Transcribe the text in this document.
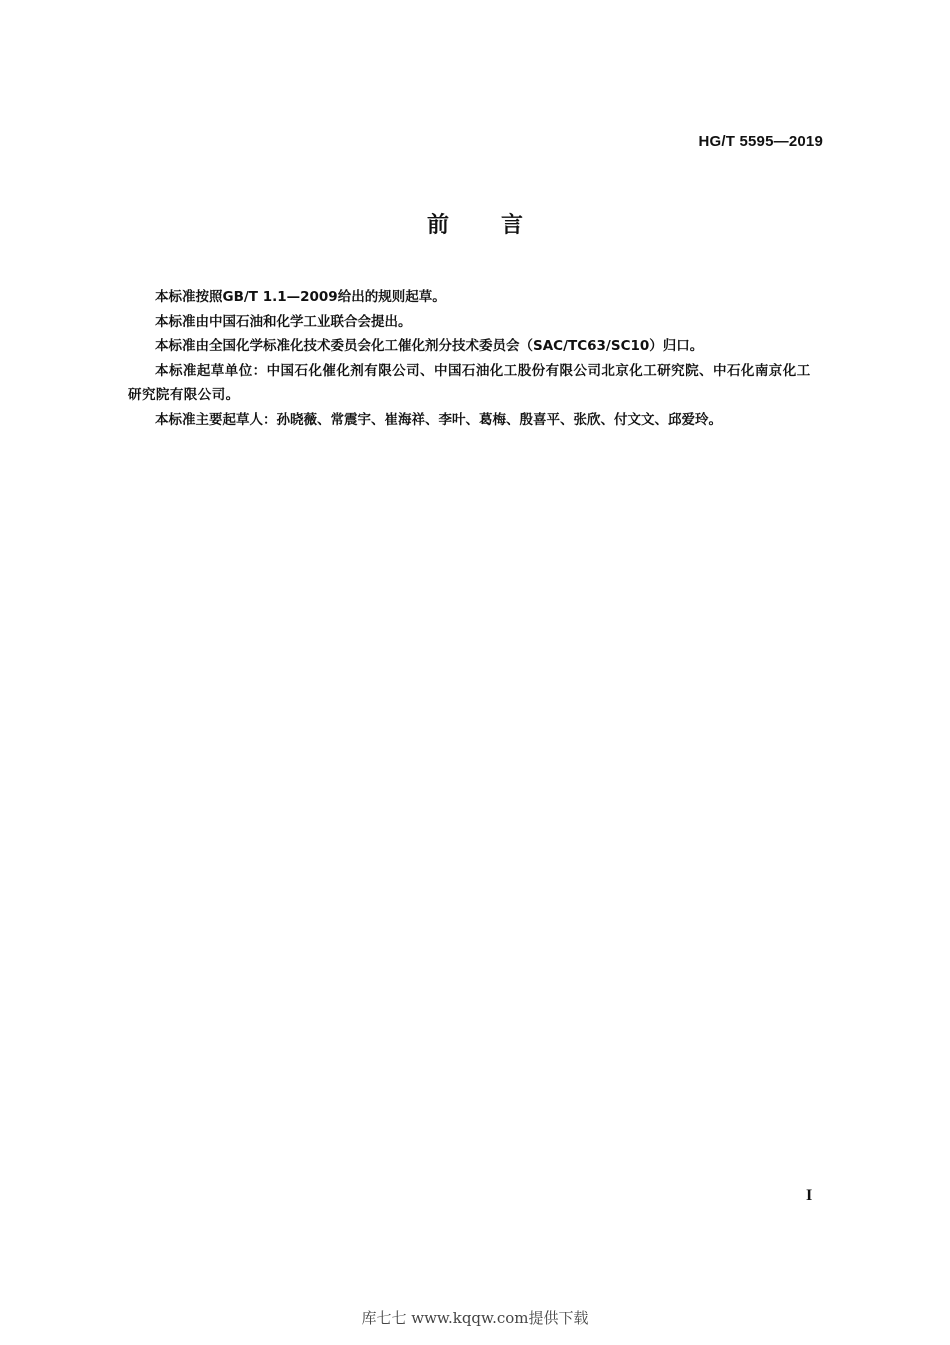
HG/T 5595—2019
前言

本标准按照GB/T 1.1—2009给出的规则起草。

本标准由中国石油和化学工业联合会提出。

本标准由全国化学标准化技术委员会化工催化剂分技术委员会（SAC/TC63/SC10）归口。

本标准起草单位：中国石化催化剂有限公司、中国石油化工股份有限公司北京化工研究院、中石化南京化工研究院有限公司。

本标准主要起草人：孙晓薇、常震宇、崔海祥、李叶、葛梅、殷喜平、张欣、付文文、邱爱玲。

I
库七七 www.kqqw.com提供下载
